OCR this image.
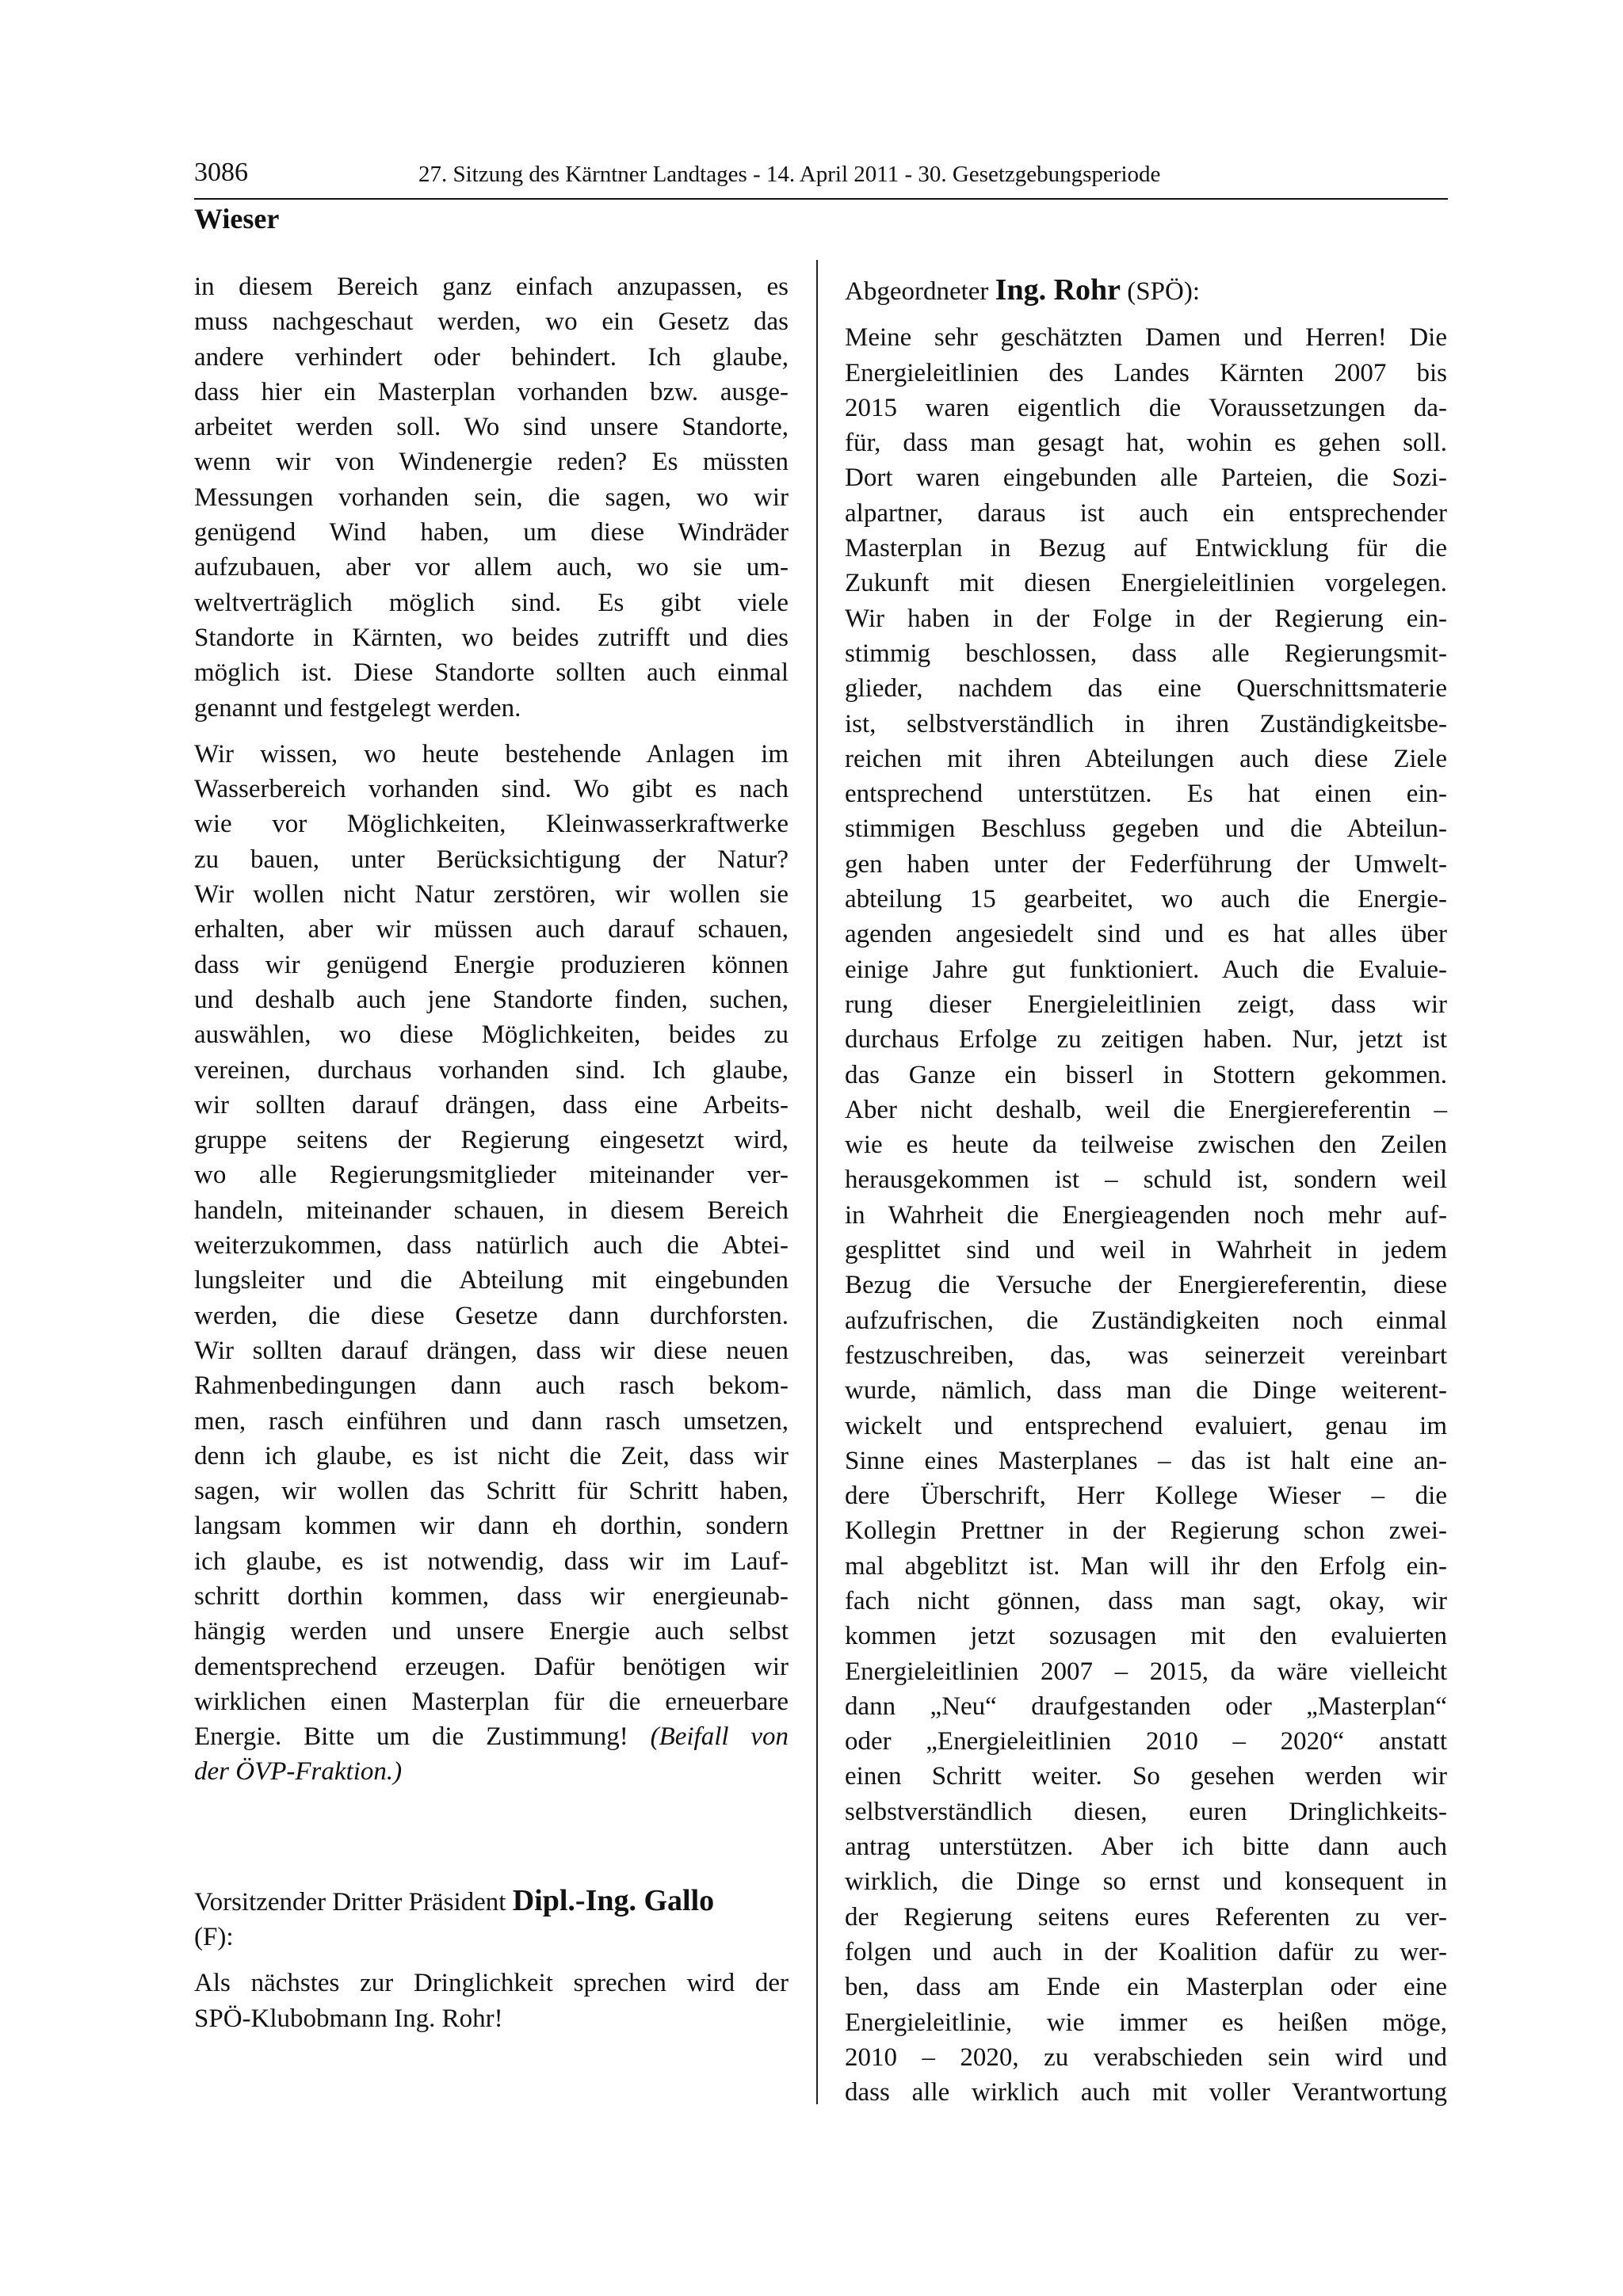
3086	27. Sitzung des Kärntner Landtages - 14. April 2011 - 30. Gesetzgebungsperiode
Wieser
in diesem Bereich ganz einfach anzupassen, es
muss nachgeschaut werden, wo ein Gesetz das
andere verhindert oder behindert. Ich glaube,
dass hier ein Masterplan vorhanden bzw. ausge-
arbeitet werden soll. Wo sind unsere Standorte,
wenn wir von Windenergie reden? Es müssten
Messungen vorhanden sein, die sagen, wo wir
genügend Wind haben, um diese Windräder
aufzubauen, aber vor allem auch, wo sie um-
weltverträglich möglich sind. Es gibt viele
Standorte in Kärnten, wo beides zutrifft und dies
möglich ist. Diese Standorte sollten auch einmal
genannt und festgelegt werden.
Wir wissen, wo heute bestehende Anlagen im
Wasserbereich vorhanden sind. Wo gibt es nach
wie vor Möglichkeiten, Kleinwasserkraftwerke
zu bauen, unter Berücksichtigung der Natur?
Wir wollen nicht Natur zerstören, wir wollen sie
erhalten, aber wir müssen auch darauf schauen,
dass wir genügend Energie produzieren können
und deshalb auch jene Standorte finden, suchen,
auswählen, wo diese Möglichkeiten, beides zu
vereinen, durchaus vorhanden sind. Ich glaube,
wir sollten darauf drängen, dass eine Arbeits-
gruppe seitens der Regierung eingesetzt wird,
wo alle Regierungsmitglieder miteinander ver-
handeln, miteinander schauen, in diesem Bereich
weiterzukommen, dass natürlich auch die Abtei-
lungsleiter und die Abteilung mit eingebunden
werden, die diese Gesetze dann durchforsten.
Wir sollten darauf drängen, dass wir diese neuen
Rahmenbedingungen dann auch rasch bekom-
men, rasch einführen und dann rasch umsetzen,
denn ich glaube, es ist nicht die Zeit, dass wir
sagen, wir wollen das Schritt für Schritt haben,
langsam kommen wir dann eh dorthin, sondern
ich glaube, es ist notwendig, dass wir im Lauf-
schritt dorthin kommen, dass wir energieunab-
hängig werden und unsere Energie auch selbst
dementsprechend erzeugen. Dafür benötigen wir
wirklichen einen Masterplan für die erneuerbare
Energie. Bitte um die Zustimmung! (Beifall von
der ÖVP-Fraktion.)
Vorsitzender Dritter Präsident Dipl.-Ing. Gallo
(F):
Als nächstes zur Dringlichkeit sprechen wird der
SPÖ-Klubobmann Ing. Rohr!
Abgeordneter Ing. Rohr (SPÖ):
Meine sehr geschätzten Damen und Herren! Die
Energieleitlinien des Landes Kärnten 2007 bis
2015 waren eigentlich die Voraussetzungen da-
für, dass man gesagt hat, wohin es gehen soll.
Dort waren eingebunden alle Parteien, die Sozi-
alpartner, daraus ist auch ein entsprechender
Masterplan in Bezug auf Entwicklung für die
Zukunft mit diesen Energieleitlinien vorgelegen.
Wir haben in der Folge in der Regierung ein-
stimmig beschlossen, dass alle Regierungsmit-
glieder, nachdem das eine Querschnittsmaterie
ist, selbstverständlich in ihren Zuständigkeitsbe-
reichen mit ihren Abteilungen auch diese Ziele
entsprechend unterstützen. Es hat einen ein-
stimmigen Beschluss gegeben und die Abteilun-
gen haben unter der Federführung der Umwelt-
abteilung 15 gearbeitet, wo auch die Energie-
agenden angesiedelt sind und es hat alles über
einige Jahre gut funktioniert. Auch die Evaluie-
rung dieser Energieleitlinien zeigt, dass wir
durchaus Erfolge zu zeitigen haben. Nur, jetzt ist
das Ganze ein bisserl in Stottern gekommen.
Aber nicht deshalb, weil die Energiereferentin –
wie es heute da teilweise zwischen den Zeilen
herausgekommen ist – schuld ist, sondern weil
in Wahrheit die Energieagenden noch mehr auf-
gesplittet sind und weil in Wahrheit in jedem
Bezug die Versuche der Energiereferentin, diese
aufzufrischen, die Zuständigkeiten noch einmal
festzuschreiben, das, was seinerzeit vereinbart
wurde, nämlich, dass man die Dinge weiterent-
wickelt und entsprechend evaluiert, genau im
Sinne eines Masterplanes – das ist halt eine an-
dere Überschrift, Herr Kollege Wieser – die
Kollegin Prettner in der Regierung schon zwei-
mal abgeblitzt ist. Man will ihr den Erfolg ein-
fach nicht gönnen, dass man sagt, okay, wir
kommen jetzt sozusagen mit den evaluierten
Energieleitlinien 2007 – 2015, da wäre vielleicht
dann „Neu“ draufgestanden oder „Masterplan“
oder „Energieleitlinien 2010 – 2020“ anstatt
einen Schritt weiter. So gesehen werden wir
selbstverständlich diesen, euren Dringlichkeits-
antrag unterstützen. Aber ich bitte dann auch
wirklich, die Dinge so ernst und konsequent in
der Regierung seitens eures Referenten zu ver-
folgen und auch in der Koalition dafür zu wer-
ben, dass am Ende ein Masterplan oder eine
Energieleitlinie, wie immer es heißen möge,
2010 – 2020, zu verabschieden sein wird und
dass alle wirklich auch mit voller Verantwortung
